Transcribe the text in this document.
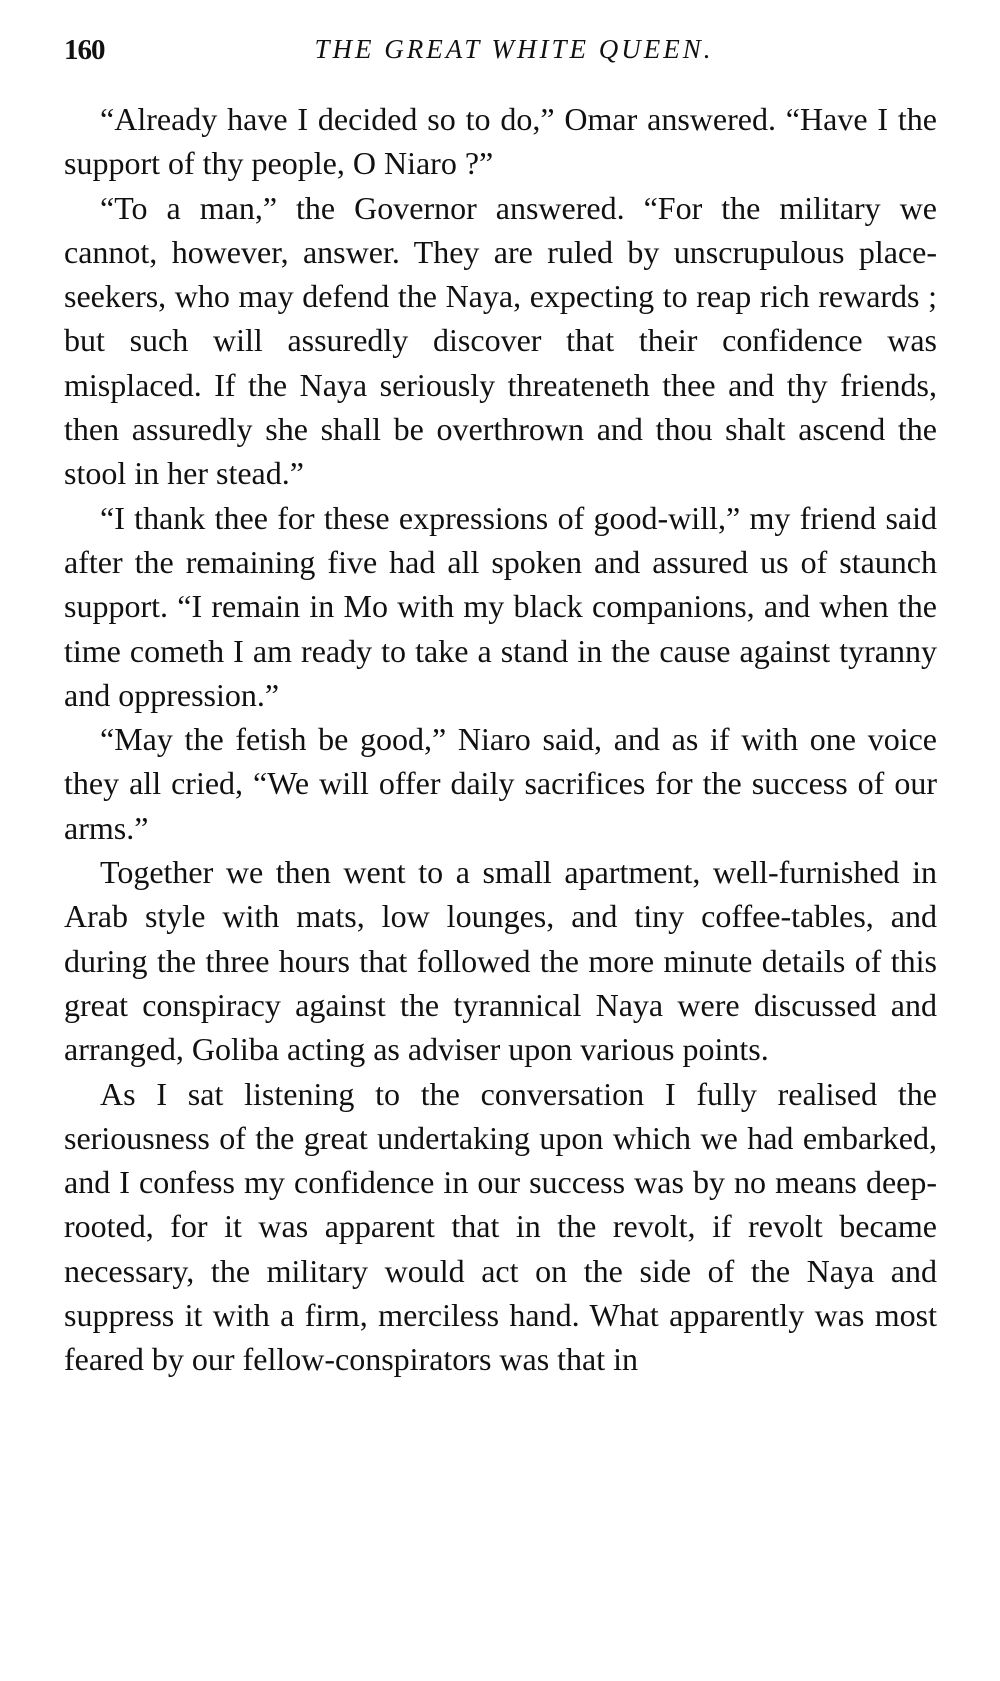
160	THE GREAT WHITE QUEEN.

“Already have I decided so to do,” Omar answered. “Have I the support of thy people, O Niaro ?”

“To a man,” the Governor answered. “For the military we cannot, however, answer. They are ruled by unscrupulous place-seekers, who may defend the Naya, expecting to reap rich rewards ; but such will assuredly discover that their confidence was misplaced. If the Naya seriously threateneth thee and thy friends, then assuredly she shall be overthrown and thou shalt ascend the stool in her stead.”

“I thank thee for these expressions of good-will,” my friend said after the remaining five had all spoken and assured us of staunch support. “I remain in Mo with my black companions, and when the time cometh I am ready to take a stand in the cause against tyranny and oppression.”

“May the fetish be good,” Niaro said, and as if with one voice they all cried, “We will offer daily sacrifices for the success of our arms.”

Together we then went to a small apartment, well-furnished in Arab style with mats, low lounges, and tiny coffee-tables, and during the three hours that followed the more minute details of this great conspiracy against the tyrannical Naya were discussed and arranged, Goliba acting as adviser upon various points.

As I sat listening to the conversation I fully realised the seriousness of the great undertaking upon which we had embarked, and I confess my confidence in our success was by no means deep-rooted, for it was apparent that in the revolt, if revolt became necessary, the military would act on the side of the Naya and suppress it with a firm, merciless hand. What apparently was most feared by our fellow-conspirators was that in
